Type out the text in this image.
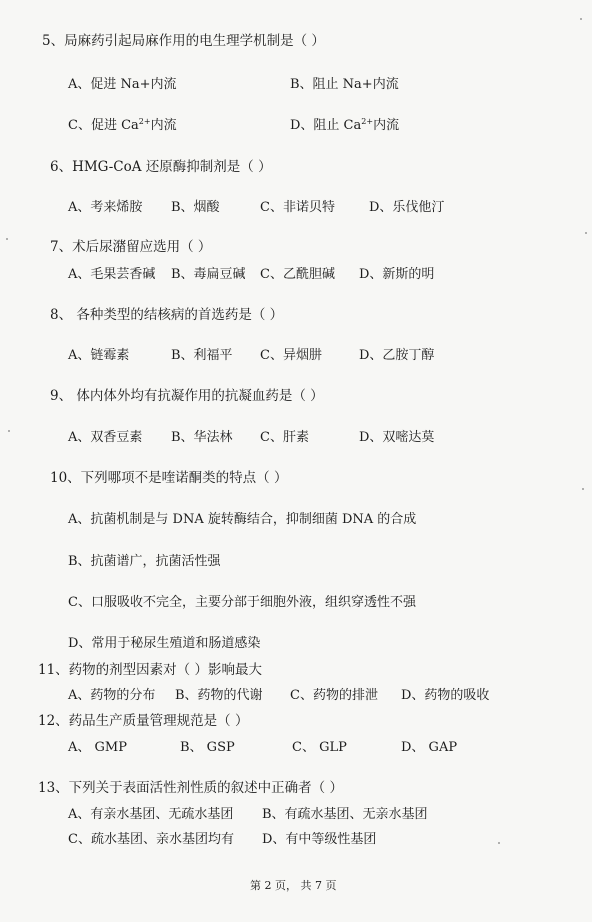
5、局麻药引起局麻作用的电生理学机制是（ ）
A、促进 Na+内流	B、阻止 Na+内流
C、促进 $Ca^{2+}$内流	D、阻止 $Ca^{2+}$内流
6、HMG-CoA 还原酶抑制剂是（ ）
A、考来烯胺 B、烟酸	C、非诺贝特	D、乐伐他汀
7、术后尿潴留应选用（ ）
A、毛果芸香碱 B、毒扁豆碱 C、乙酰胆碱 D、新斯的明
8、 各种类型的结核病的首选药是（ ）
A、链霉素	B、利福平 C、异烟肼	D、乙胺丁醇
9、 体内体外均有抗凝作用的抗凝血药是（ ）
A、双香豆素 B、华法林 C、肝素	D、双嘧达莫
10、下列哪项不是喹诺酮类的特点（ ）
A、抗菌机制是与 DNA 旋转酶结合，抑制细菌 DNA 的合成
B、抗菌谱广，抗菌活性强
C、口服吸收不完全，主要分部于细胞外液，组织穿透性不强
D、常用于秘尿生殖道和肠道感染
11、药物的剂型因素对（ ）影响最大
A、药物的分布 B、药物的代谢 C、药物的排泄 D、药物的吸收
12、药品生产质量管理规范是（ ）
A、 GMP	B、 GSP	C、 GLP	D、 GAP
13、下列关于表面活性剂性质的叙述中正确者（ ）
A、有亲水基团、无疏水基团 B、有疏水基团、无亲水基团
C、疏水基团、亲水基团均有 D、有中等级性基团
第 2 页， 共 7 页
